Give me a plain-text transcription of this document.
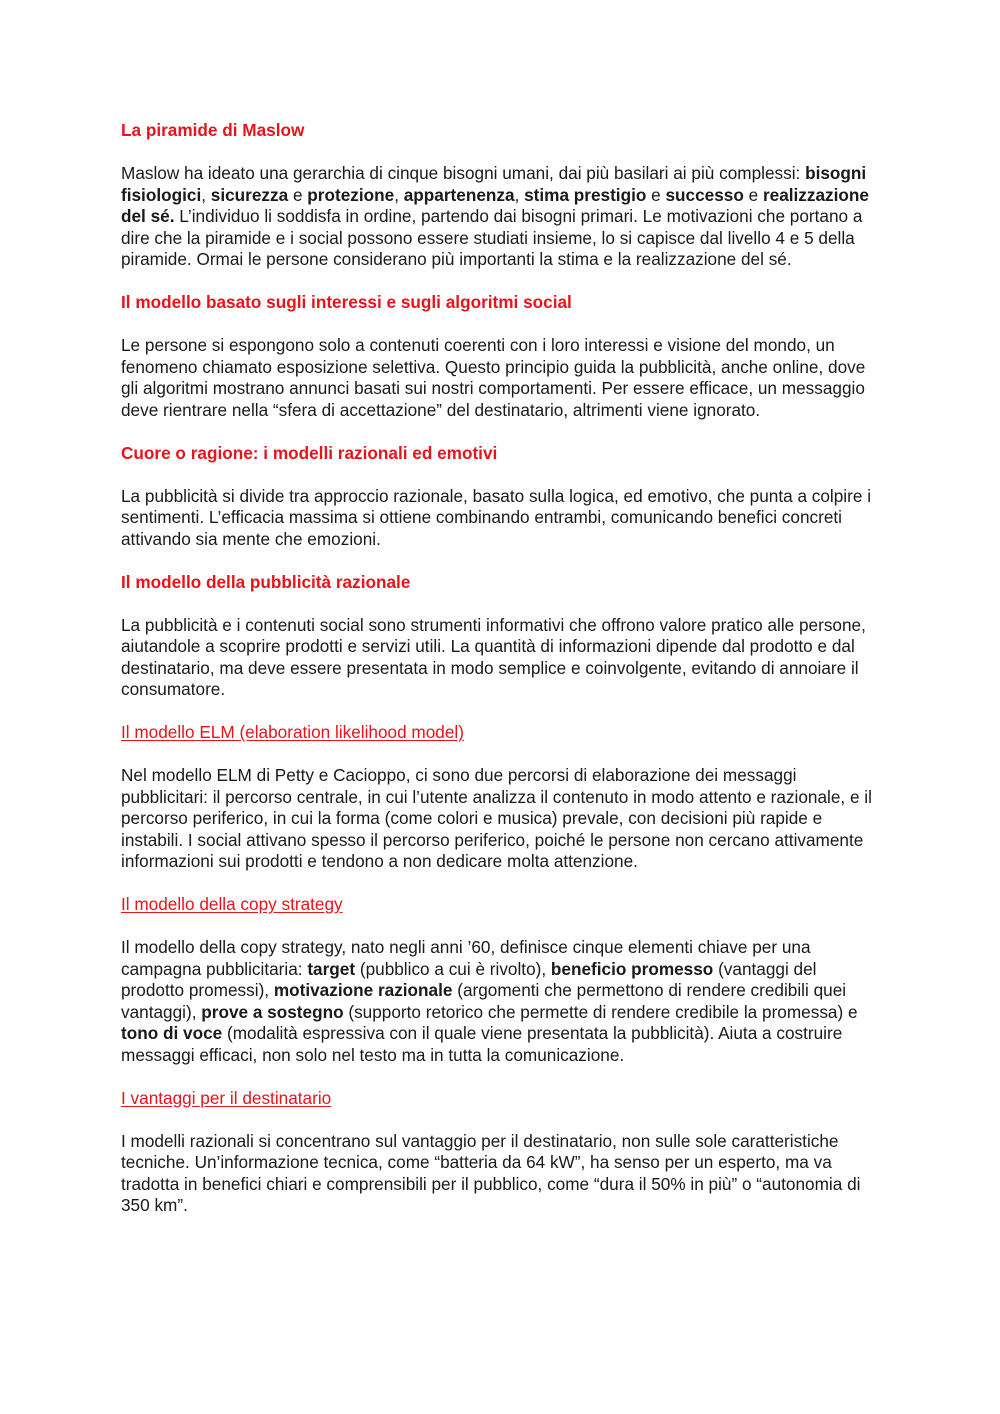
La piramide di Maslow

Maslow ha ideato una gerarchia di cinque bisogni umani, dai più basilari ai più complessi: bisogni fisiologici, sicurezza e protezione, appartenenza, stima prestigio e successo e realizzazione del sé. L’individuo li soddisfa in ordine, partendo dai bisogni primari. Le motivazioni che portano a dire che la piramide e i social possono essere studiati insieme, lo si capisce dal livello 4 e 5 della piramide. Ormai le persone considerano più importanti la stima e la realizzazione del sé.

Il modello basato sugli interessi e sugli algoritmi social

Le persone si espongono solo a contenuti coerenti con i loro interessi e visione del mondo, un fenomeno chiamato esposizione selettiva. Questo principio guida la pubblicità, anche online, dove gli algoritmi mostrano annunci basati sui nostri comportamenti. Per essere efficace, un messaggio deve rientrare nella “sfera di accettazione” del destinatario, altrimenti viene ignorato.

Cuore o ragione: i modelli razionali ed emotivi

La pubblicità si divide tra approccio razionale, basato sulla logica, ed emotivo, che punta a colpire i sentimenti. L’efficacia massima si ottiene combinando entrambi, comunicando benefici concreti attivando sia mente che emozioni.

Il modello della pubblicità razionale

La pubblicità e i contenuti social sono strumenti informativi che offrono valore pratico alle persone, aiutandole a scoprire prodotti e servizi utili. La quantità di informazioni dipende dal prodotto e dal destinatario, ma deve essere presentata in modo semplice e coinvolgente, evitando di annoiare il consumatore.

Il modello ELM (elaboration likelihood model)

Nel modello ELM di Petty e Cacioppo, ci sono due percorsi di elaborazione dei messaggi pubblicitari: il percorso centrale, in cui l’utente analizza il contenuto in modo attento e razionale, e il percorso periferico, in cui la forma (come colori e musica) prevale, con decisioni più rapide e instabili. I social attivano spesso il percorso periferico, poiché le persone non cercano attivamente informazioni sui prodotti e tendono a non dedicare molta attenzione.

Il modello della copy strategy

Il modello della copy strategy, nato negli anni ’60, definisce cinque elementi chiave per una campagna pubblicitaria: target (pubblico a cui è rivolto), beneficio promesso (vantaggi del prodotto promessi), motivazione razionale (argomenti che permettono di rendere credibili quei vantaggi), prove a sostegno (supporto retorico che permette di rendere credibile la promessa) e tono di voce (modalità espressiva con il quale viene presentata la pubblicità). Aiuta a costruire messaggi efficaci, non solo nel testo ma in tutta la comunicazione.

I vantaggi per il destinatario

I modelli razionali si concentrano sul vantaggio per il destinatario, non sulle sole caratteristiche tecniche. Un’informazione tecnica, come “batteria da 64 kW”, ha senso per un esperto, ma va tradotta in benefici chiari e comprensibili per il pubblico, come “dura il 50% in più” o “autonomia di 350 km”.
